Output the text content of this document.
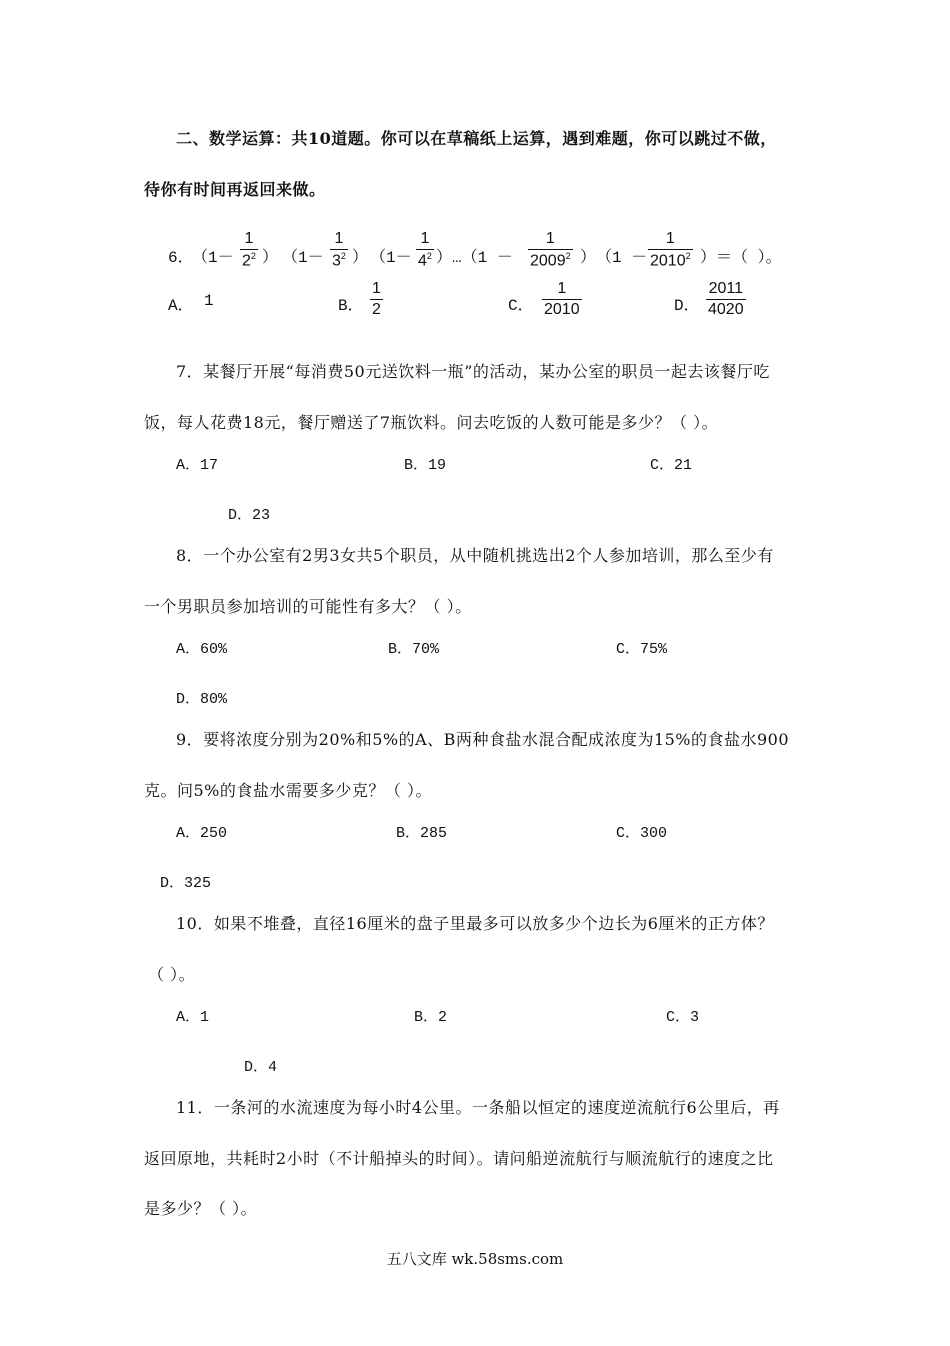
二、数学运算：共10道题。你可以在草稿纸上运算，遇到难题，你可以跳过不做，
待你有时间再返回来做。
6．
（1－
1
$2^2$ ） （1－
1
$3^2$ ） （1－
1
$4^2$ ） …（1 －
1
2009$^2$ ） （1 －
1
2010$^2$ ） ＝（ ）。
A． 1	B．
1
2	C．
1
2010	D．
2011
4020
7．某餐厅开展“每消费50元送饮料一瓶”的活动，某办公室的职员一起去该餐厅吃
饭，每人花费18元，餐厅赠送了7瓶饮料。问去吃饭的人数可能是多少？（ ）。
A．17	B．19	C．21
D．23
8．一个办公室有2男3女共5个职员，从中随机挑选出2个人参加培训，那么至少有
一个男职员参加培训的可能性有多大？（ ）。
A．60%	B．70%	C．75%
D．80%
9．要将浓度分别为20%和5%的A、B两种食盐水混合配成浓度为15%的食盐水900
克。问5%的食盐水需要多少克？（ ）。
A．250	B．285	C．300
D．325
10．如果不堆叠，直径16厘米的盘子里最多可以放多少个边长为6厘米的正方体？
（ ）。
A．1	B．2	C．3
D．4
11．一条河的水流速度为每小时4公里。一条船以恒定的速度逆流航行6公里后，再
返回原地，共耗时2小时（不计船掉头的时间）。请问船逆流航行与顺流航行的速度之比
是多少？（ ）。
五八文库 wk.58sms.com
